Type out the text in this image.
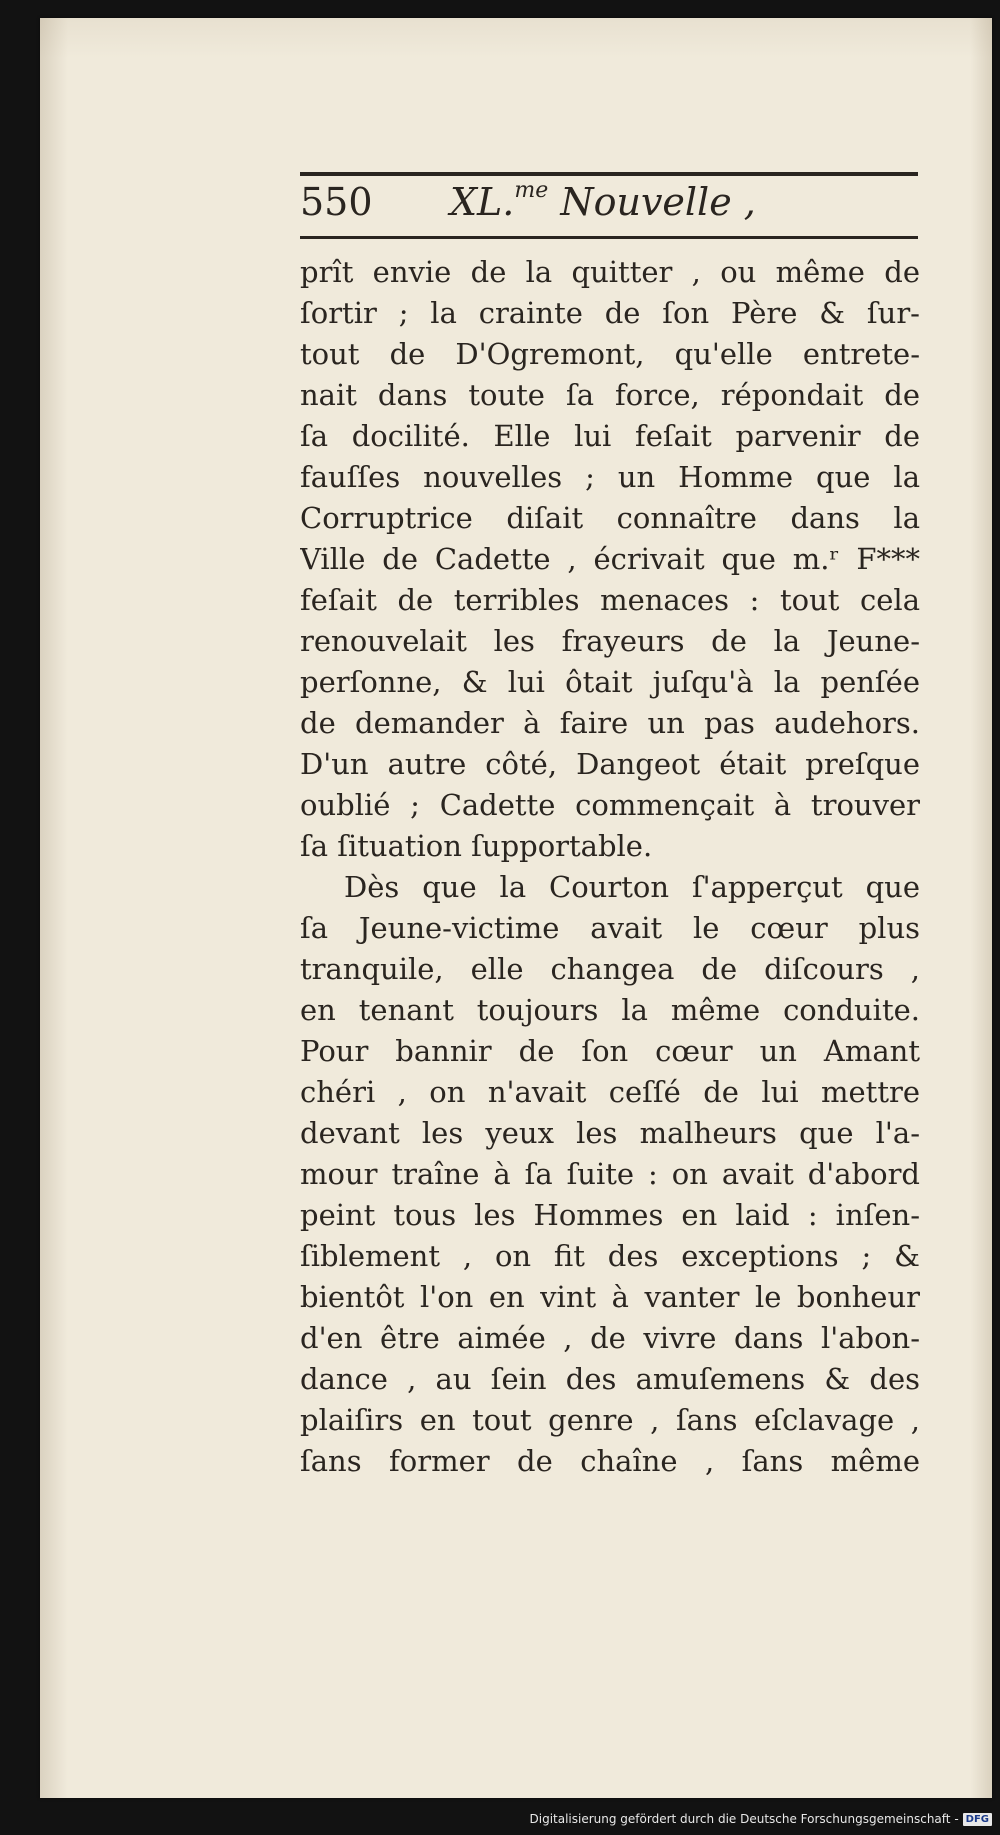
550 XL.$^{me}$ Nouvelle ,
prît envie de la quitter , ou même de
ſortir ; la crainte de ſon Père & ſur-
tout de D'Ogremont, qu'elle entrete-
nait dans toute ſa force, répondait de
ſa docilité. Elle lui feſait parvenir de
fauſſes nouvelles ; un Homme que la
Corruptrice diſait connaître dans la
Ville de Cadette , écrivait que m.ʳ F***
feſait de terribles menaces : tout cela
renouvelait les frayeurs de la Jeune-
perſonne, & lui ôtait juſqu'à la penſée
de demander à faire un pas audehors.
D'un autre côté, Dangeot était preſque
oublié ; Cadette commençait à trouver
ſa ſituation ſupportable.
Dès que la Courton ſ'apperçut que
ſa Jeune-victime avait le cœur plus
tranquile, elle changea de diſcours ,
en tenant toujours la même conduite.
Pour bannir de ſon cœur un Amant
chéri , on n'avait ceſſé de lui mettre
devant les yeux les malheurs que l'a-
mour traîne à ſa ſuite : on avait d'abord
peint tous les Hommes en laid : inſen-
ſiblement , on fit des exceptions ; &
bientôt l'on en vint à vanter le bonheur
d'en être aimée , de vivre dans l'abon-
dance , au ſein des amuſemens & des
plaiſirs en tout genre , ſans eſclavage ,
ſans former de chaîne , ſans même
Digitalisierung gefördert durch die Deutsche Forschungsgemeinschaft - DFG
